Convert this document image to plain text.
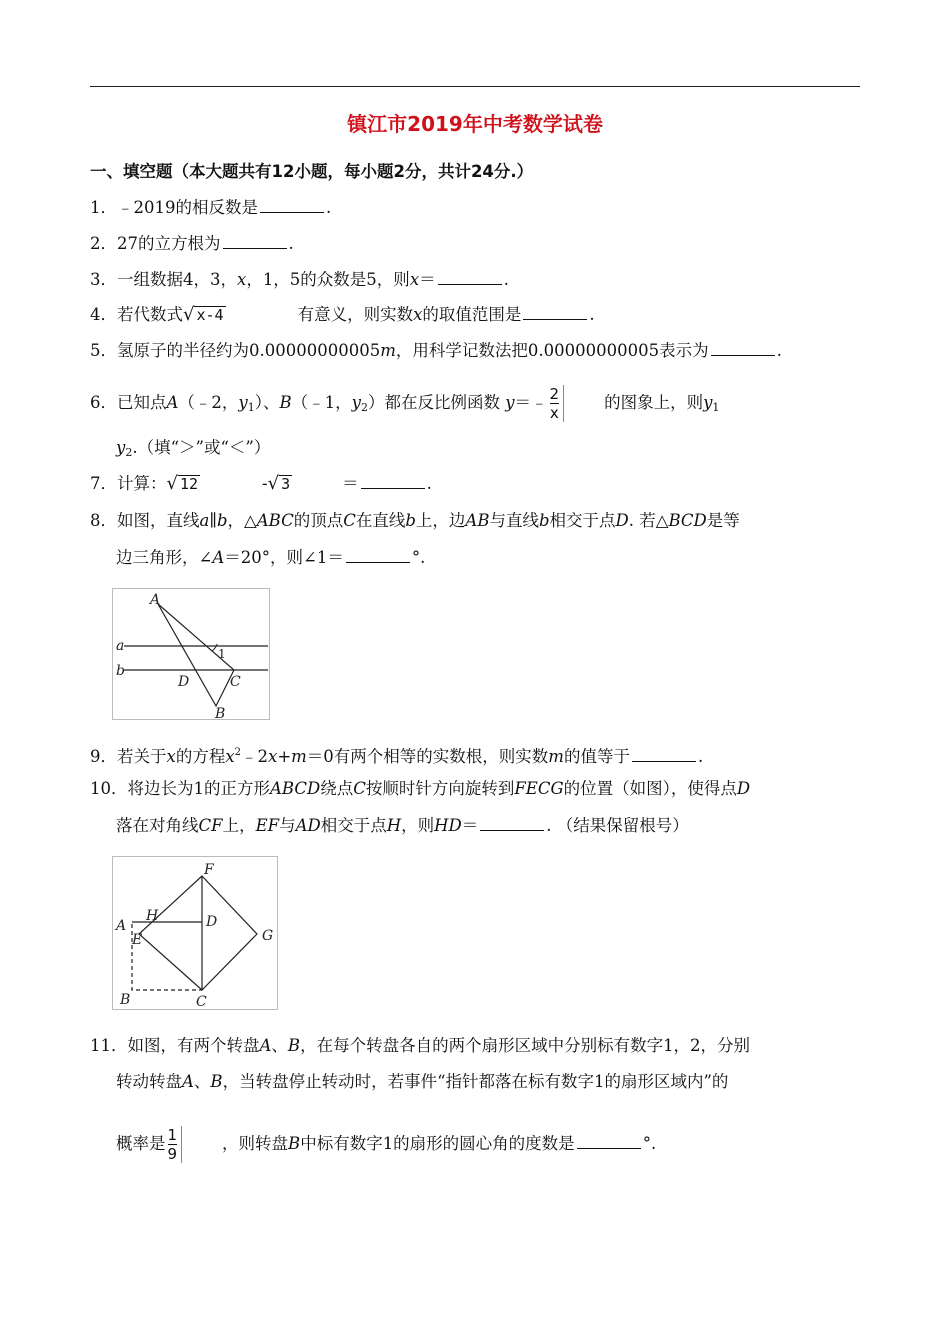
镇江市2019年中考数学试卷
一、填空题（本大题共有12小题，每小题2分，共计24分.）
1．﹣2019的相反数是	.
2．27的立方根为	.
3．一组数据4，3，x，1，5的众数是5，则x＝	.
4．若代数式√ x-4	有意义，则实数x的取值范围是	.
5．氢原子的半径约为0.00000000005m，用科学记数法把0.00000000005表示为	.
6．已知点A（﹣2，$y_1$）、B（﹣1，$y_2$）都在反比例函数 y＝﹣ $\frac{2}{x}$ 的图象上，则$y_1$
$y_2$.（填“＞”或“＜”）
7．计算：√ 12	-√ 3	＝	.
8．如图，直线a∥b，△ABC的顶点C在直线b上，边AB与直线b相交于点D. 若△BCD是等
边三角形，∠A＝20°，则∠1＝	°.
A
a
b
1
D	C
B
9．若关于x的方程$x^2﹣2x+m=0$有两个相等的实数根，则实数m的值等于	.
10．将边长为1的正方形ABCD绕点C按顺时针方向旋转到FECG的位置（如图），使得点D
落在对角线CF上，EF与AD相交于点H，则HD＝	. （结果保留根号）
F
H
A	D
E	G
B	C
11．如图，有两个转盘A、B，在每个转盘各自的两个扇形区域中分别标有数字1，2，分别
转动转盘A、B，当转盘停止转动时，若事件“指针都落在标有数字1的扇形区域内”的
概率是 $\frac{1}{9}$ ，则转盘B中标有数字1的扇形的圆心角的度数是	°.
